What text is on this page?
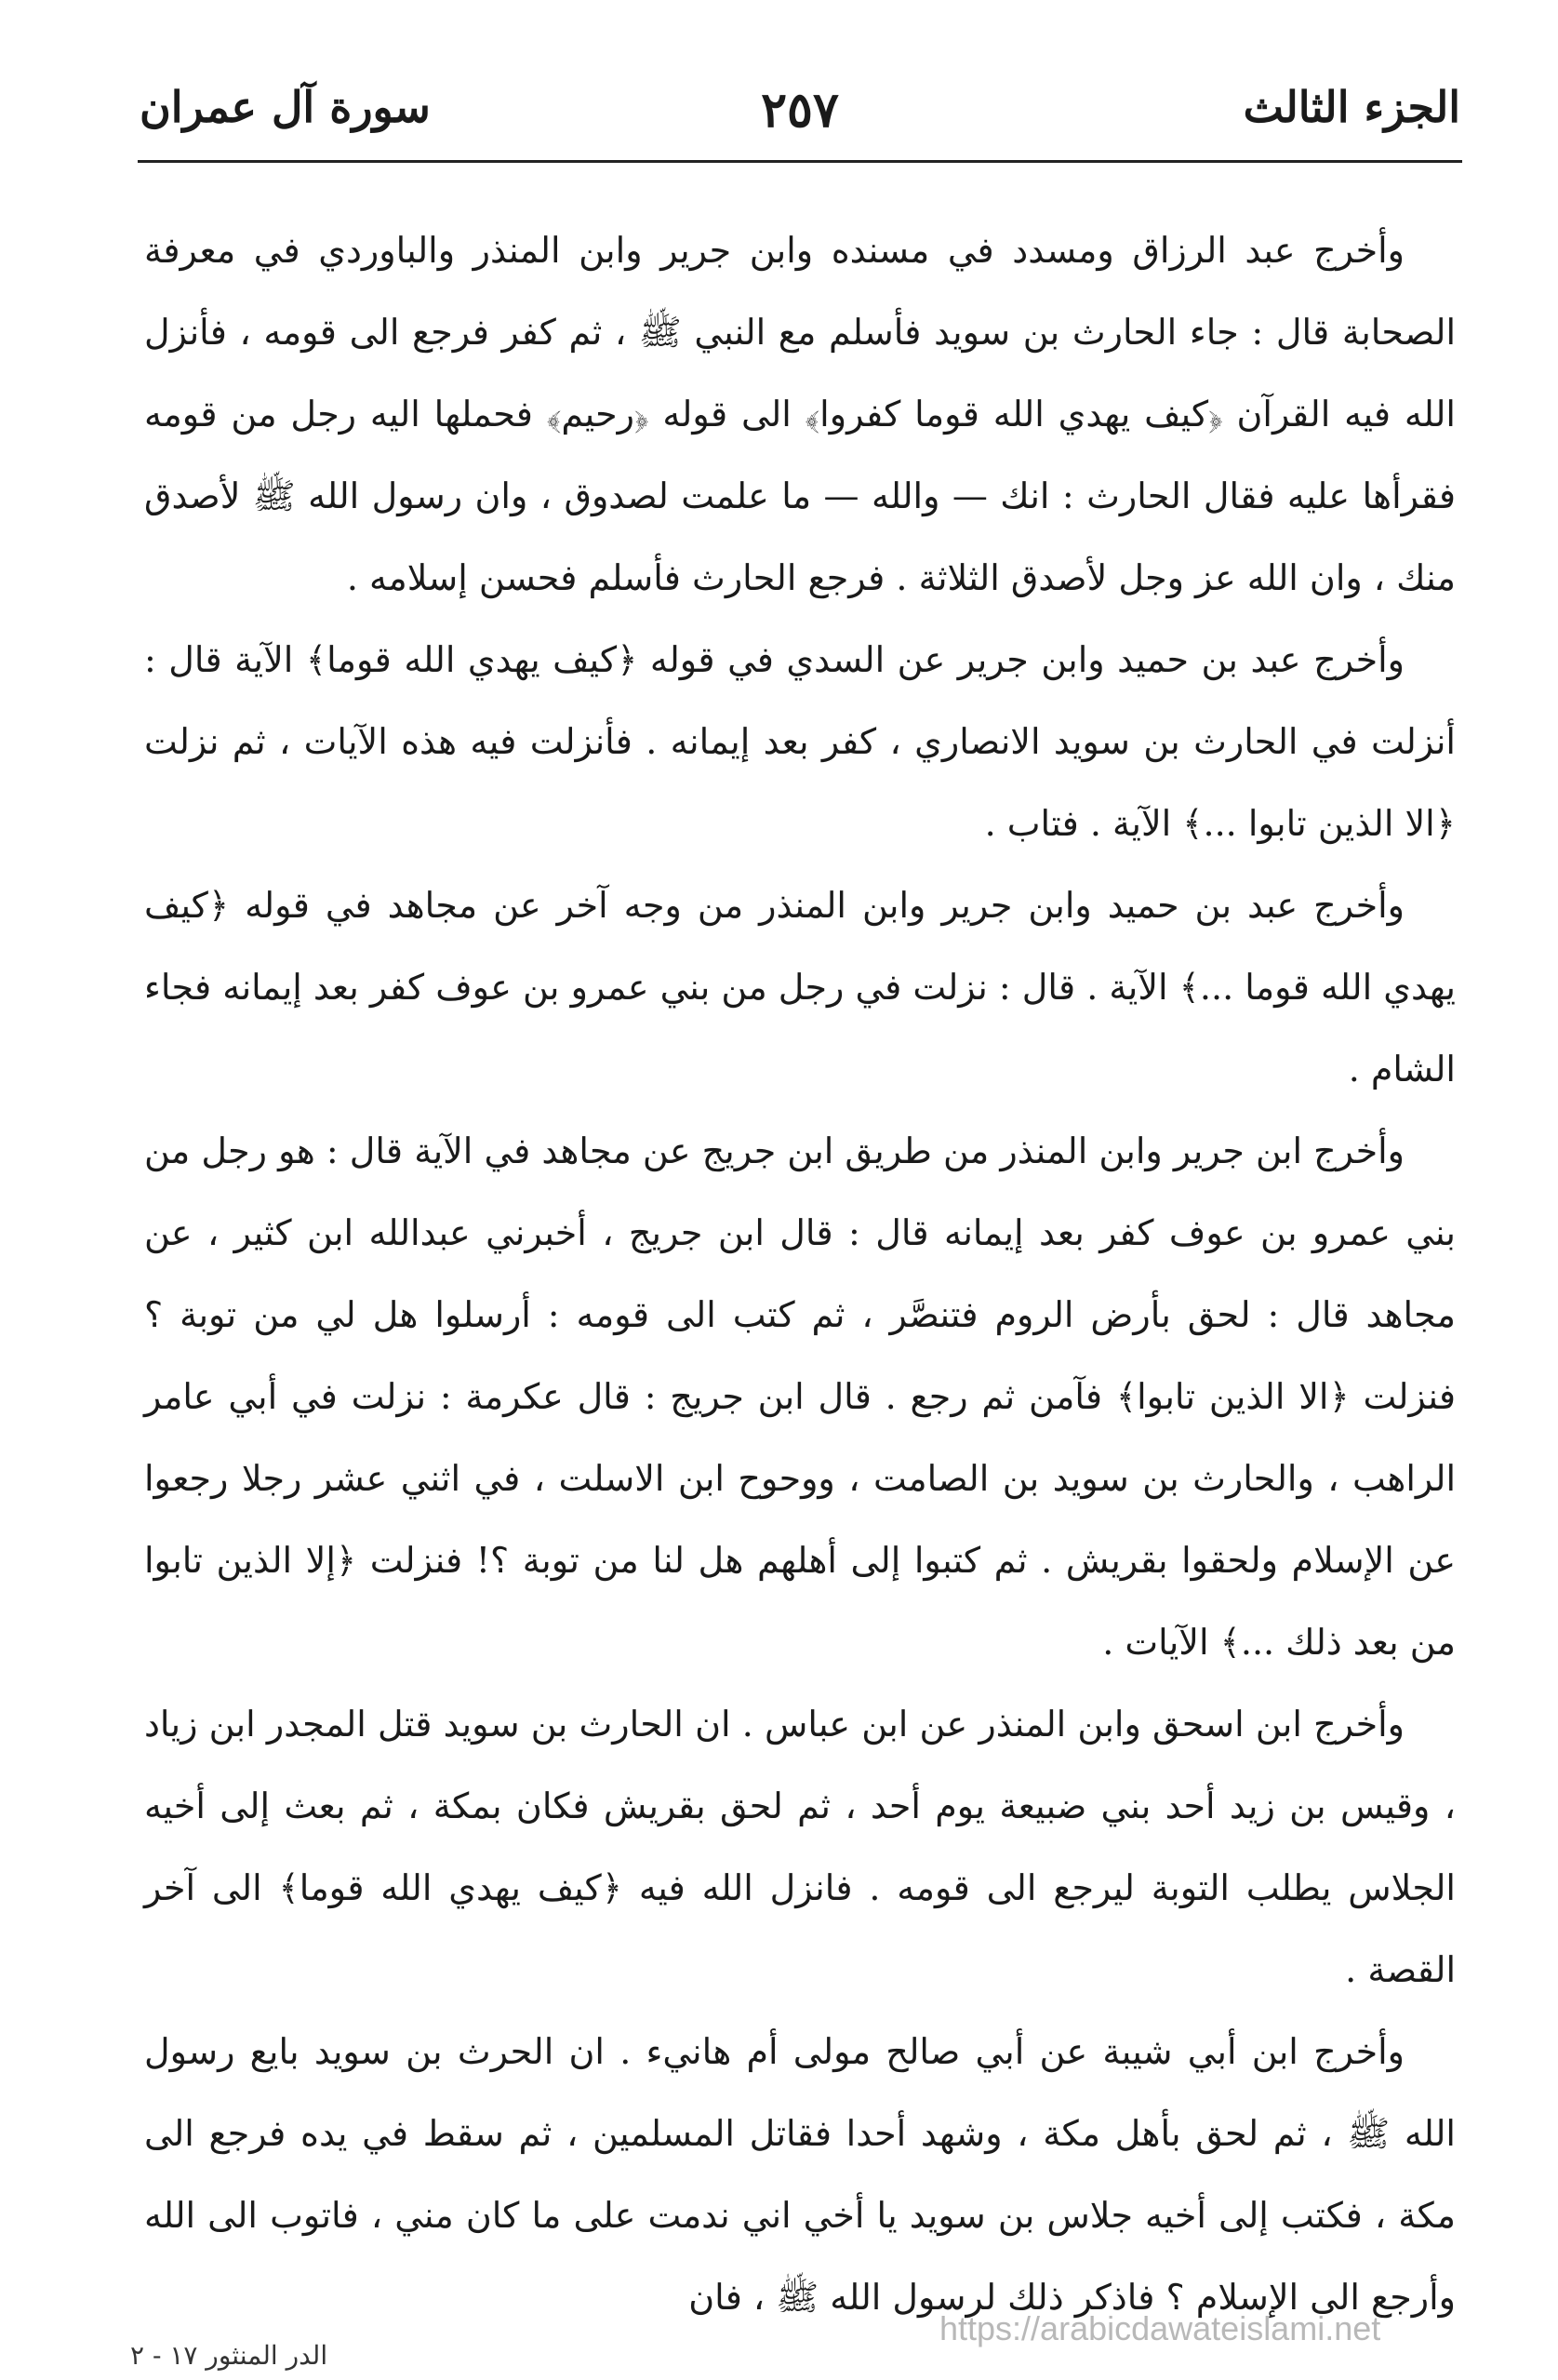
الجزء الثالث
٢٥٧
سورة آل عمران

وأخرج عبد الرزاق ومسدد في مسنده وابن جرير وابن المنذر والباوردي في معرفة الصحابة قال : جاء الحارث بن سويد فأسلم مع النبي ﷺ ، ثم كفر فرجع الى قومه ، فأنزل الله فيه القرآن ﴿كيف يهدي الله قوما كفروا﴾ الى قوله ﴿رحيم﴾ فحملها اليه رجل من قومه فقرأها عليه فقال الحارث : انك — والله — ما علمت لصدوق ، وان رسول الله ﷺ لأصدق منك ، وان الله عز وجل لأصدق الثلاثة . فرجع الحارث فأسلم فحسن إسلامه .

وأخرج عبد بن حميد وابن جرير عن السدي في قوله ﴿كيف يهدي الله قوما﴾ الآية قال : أنزلت في الحارث بن سويد الانصاري ، كفر بعد إيمانه . فأنزلت فيه هذه الآيات ، ثم نزلت ﴿الا الذين تابوا ...﴾ الآية . فتاب .

وأخرج عبد بن حميد وابن جرير وابن المنذر من وجه آخر عن مجاهد في قوله ﴿كيف يهدي الله قوما ...﴾ الآية . قال : نزلت في رجل من بني عمرو بن عوف كفر بعد إيمانه فجاء الشام .

وأخرج ابن جرير وابن المنذر من طريق ابن جريج عن مجاهد في الآية قال : هو رجل من بني عمرو بن عوف كفر بعد إيمانه قال : قال ابن جريج ، أخبرني عبدالله ابن كثير ، عن مجاهد قال : لحق بأرض الروم فتنصَّر ، ثم كتب الى قومه : أرسلوا هل لي من توبة ؟ فنزلت ﴿الا الذين تابوا﴾ فآمن ثم رجع . قال ابن جريج : قال عكرمة : نزلت في أبي عامر الراهب ، والحارث بن سويد بن الصامت ، ووحوح ابن الاسلت ، في اثني عشر رجلا رجعوا عن الإسلام ولحقوا بقريش . ثم كتبوا إلى أهلهم هل لنا من توبة ؟! فنزلت ﴿إلا الذين تابوا من بعد ذلك ...﴾ الآيات .

وأخرج ابن اسحق وابن المنذر عن ابن عباس . ان الحارث بن سويد قتل المجدر ابن زياد ، وقيس بن زيد أحد بني ضبيعة يوم أحد ، ثم لحق بقريش فكان بمكة ، ثم بعث إلى أخيه الجلاس يطلب التوبة ليرجع الى قومه . فانزل الله فيه ﴿كيف يهدي الله قوما﴾ الى آخر القصة .

وأخرج ابن أبي شيبة عن أبي صالح مولى أم هانيء . ان الحرث بن سويد بايع رسول الله ﷺ ، ثم لحق بأهل مكة ، وشهد أحدا فقاتل المسلمين ، ثم سقط في يده فرجع الى مكة ، فكتب إلى أخيه جلاس بن سويد يا أخي اني ندمت على ما كان مني ، فاتوب الى الله وأرجع الى الإسلام ؟ فاذكر ذلك لرسول الله ﷺ ، فان

https://arabicdawateislami.net
الدر المنثور ١٧ - ٢
